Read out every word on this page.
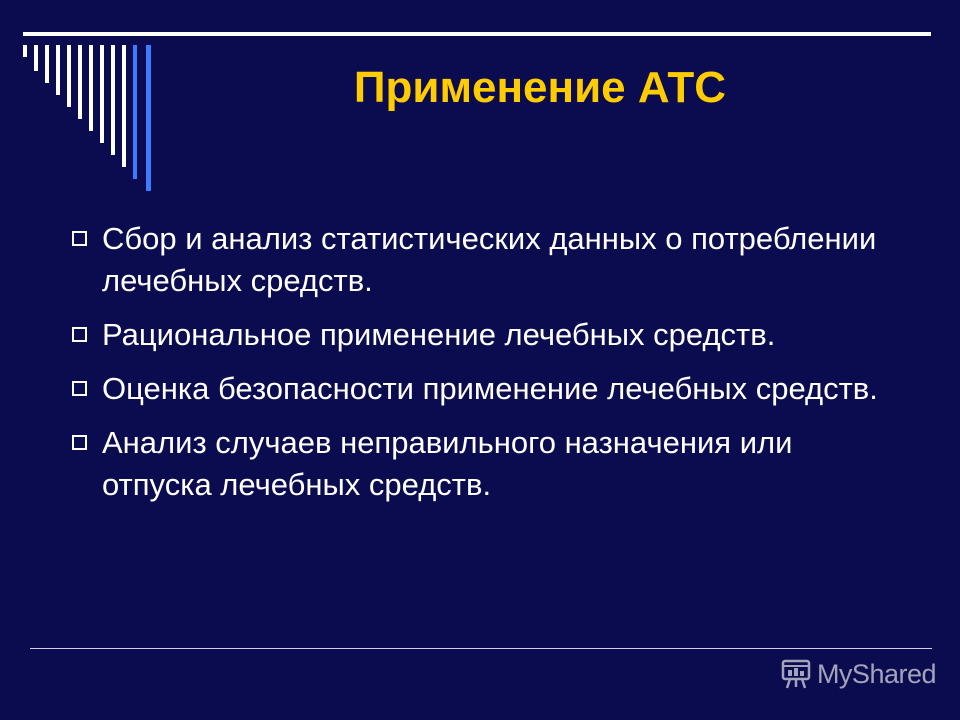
Применение АТС
Сбор и анализ статистических данных о потреблении лечебных средств.
Рациональное применение лечебных средств.
Оценка безопасности применение лечебных средств.
Анализ случаев неправильного назначения или отпуска лечебных средств.
MyShared
